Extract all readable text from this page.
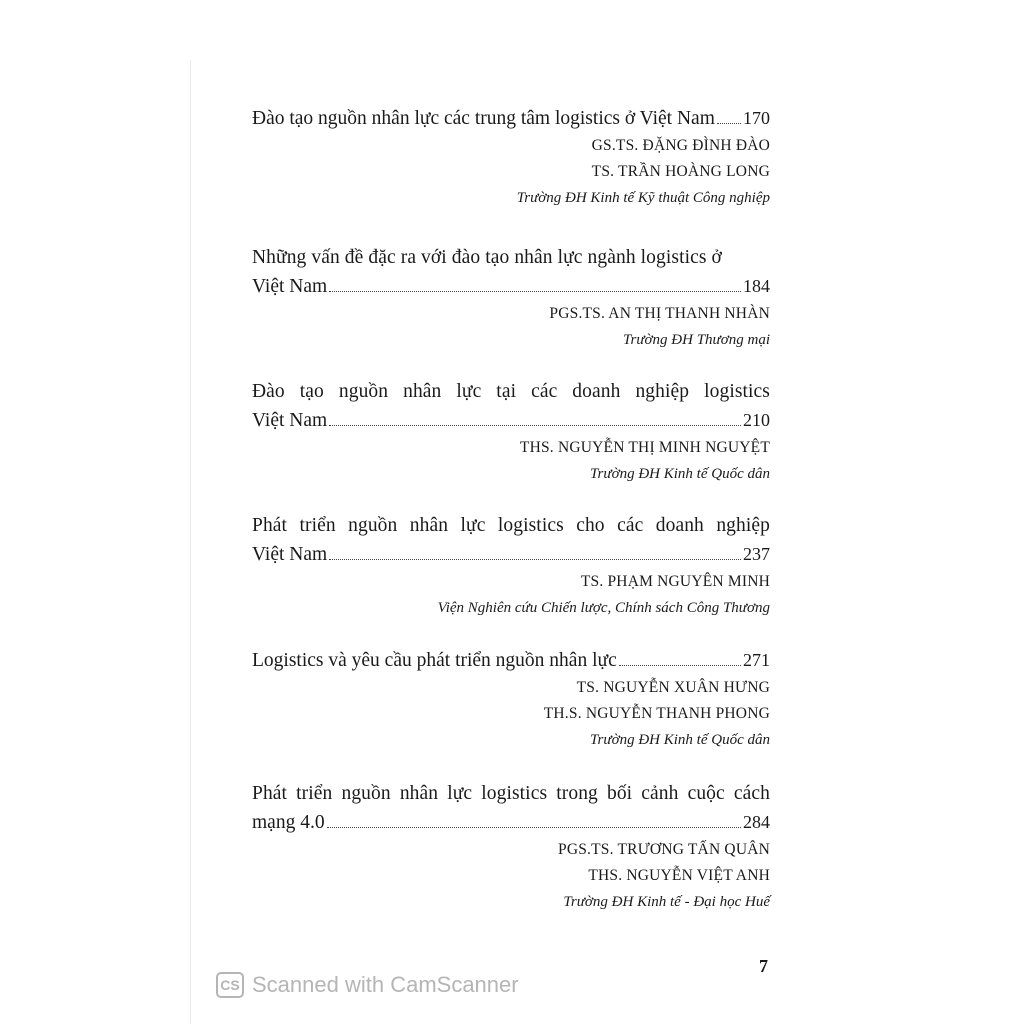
Đào tạo nguồn nhân lực các trung tâm logistics ở Việt Nam 170
GS.TS. ĐẶNG ĐÌNH ĐÀO
TS. TRẦN HOÀNG LONG
Trường ĐH Kinh tế Kỹ thuật Công nghiệp
Những vấn đề đặc ra với đào tạo nhân lực ngành logistics ở
Việt Nam	184
PGS.TS. AN THỊ THANH NHÀN
Trường ĐH Thương mại
Đào tạo nguồn nhân lực tại các doanh nghiệp logistics
Việt Nam	210
THS. NGUYỄN THỊ MINH NGUYỆT
Trường ĐH Kinh tế Quốc dân
Phát triển nguồn nhân lực logistics cho các doanh nghiệp
Việt Nam	237
TS. PHẠM NGUYÊN MINH
Viện Nghiên cứu Chiến lược, Chính sách Công Thương
Logistics và yêu cầu phát triển nguồn nhân lực	271
TS. NGUYỄN XUÂN HƯNG
TH.S. NGUYỄN THANH PHONG
Trường ĐH Kinh tế Quốc dân
Phát triển nguồn nhân lực logistics trong bối cảnh cuộc cách
mạng 4.0	284
PGS.TS. TRƯƠNG TẤN QUÂN
THS. NGUYỄN VIỆT ANH
Trường ĐH Kinh tế - Đại học Huế
7
CS Scanned with CamScanner
